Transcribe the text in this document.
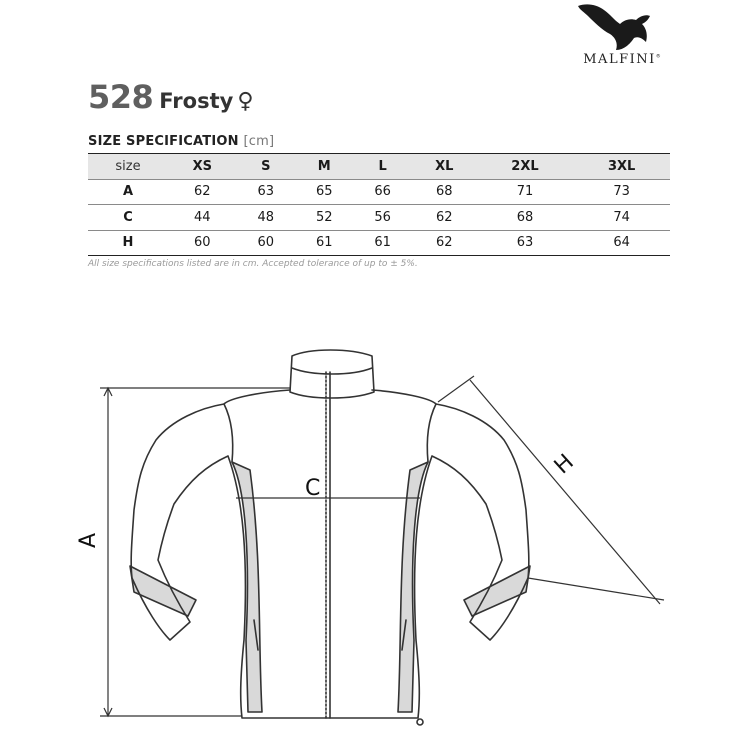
MALFINI®
528 Frosty ♀
SIZE SPECIFICATION [cm]
size	XS	S	M	L	XL	2XL	3XL
A	62	63	65	66	68	71	73
C	44	48	52	56	62	68	74
H	60	60	61	61	62	63	64
All size specifications listed are in cm. Accepted tolerance of up to ± 5%.
A
C
H
